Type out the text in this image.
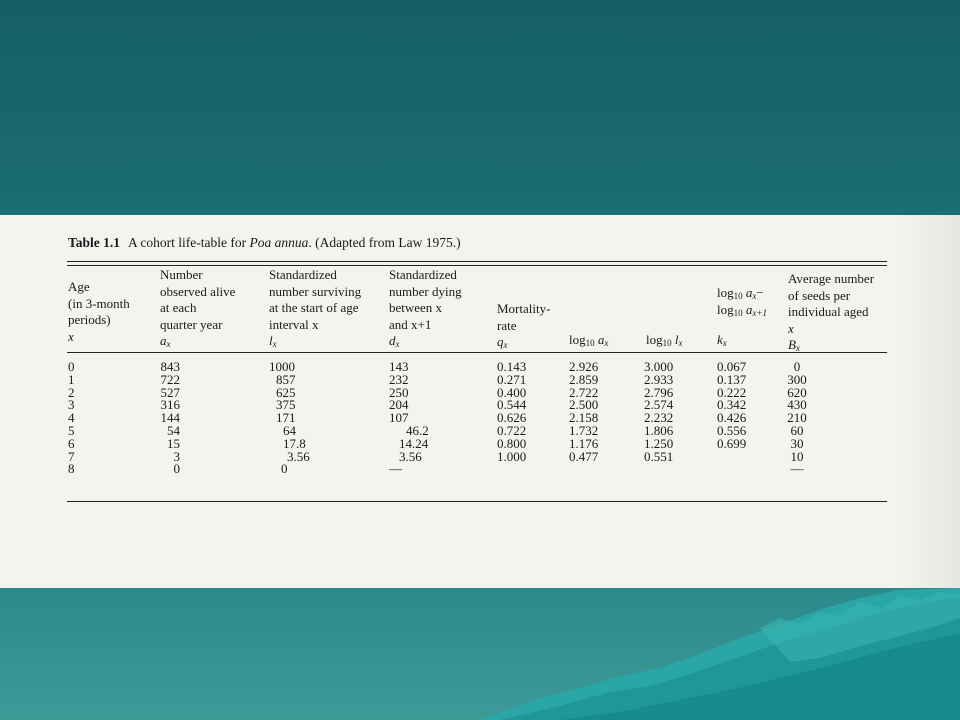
Table 1.1 A cohort life-table for Poa annua. (Adapted from Law 1975.)
Age
(in 3-month
periods)
x
Number
observed alive
at each
quarter year
$a_x$
Standardized
number surviving
at the start of age
interval x
$l_x$
Standardized
number dying
between x
and x+1
$d_x$
Mortality-
rate
$q_x$	$\log_{10} a_x$	$\log_{10} l_x$
$\log_{10} a_x-$
$\log_{10} a_{x+1}$
$k_x$
Average number
of seeds per
individual aged
x
$B_x$
0
1
2
3
4
5
6
7
8
843
722
527
316
144
54
15
3
0
1000
857
625
375
171
64
17.8
3.56
0
143
232
250
204
107
46.2
14.24
3.56
—
0.143
0.271
0.400
0.544
0.626
0.722
0.800
1.000
2.926
2.859
2.722
2.500
2.158
1.732
1.176
0.477
3.000
2.933
2.796
2.574
2.232
1.806
1.250
0.551
0.067
0.137
0.222
0.342
0.426
0.556
0.699
0
300
620
430
210
60
30
10
—
